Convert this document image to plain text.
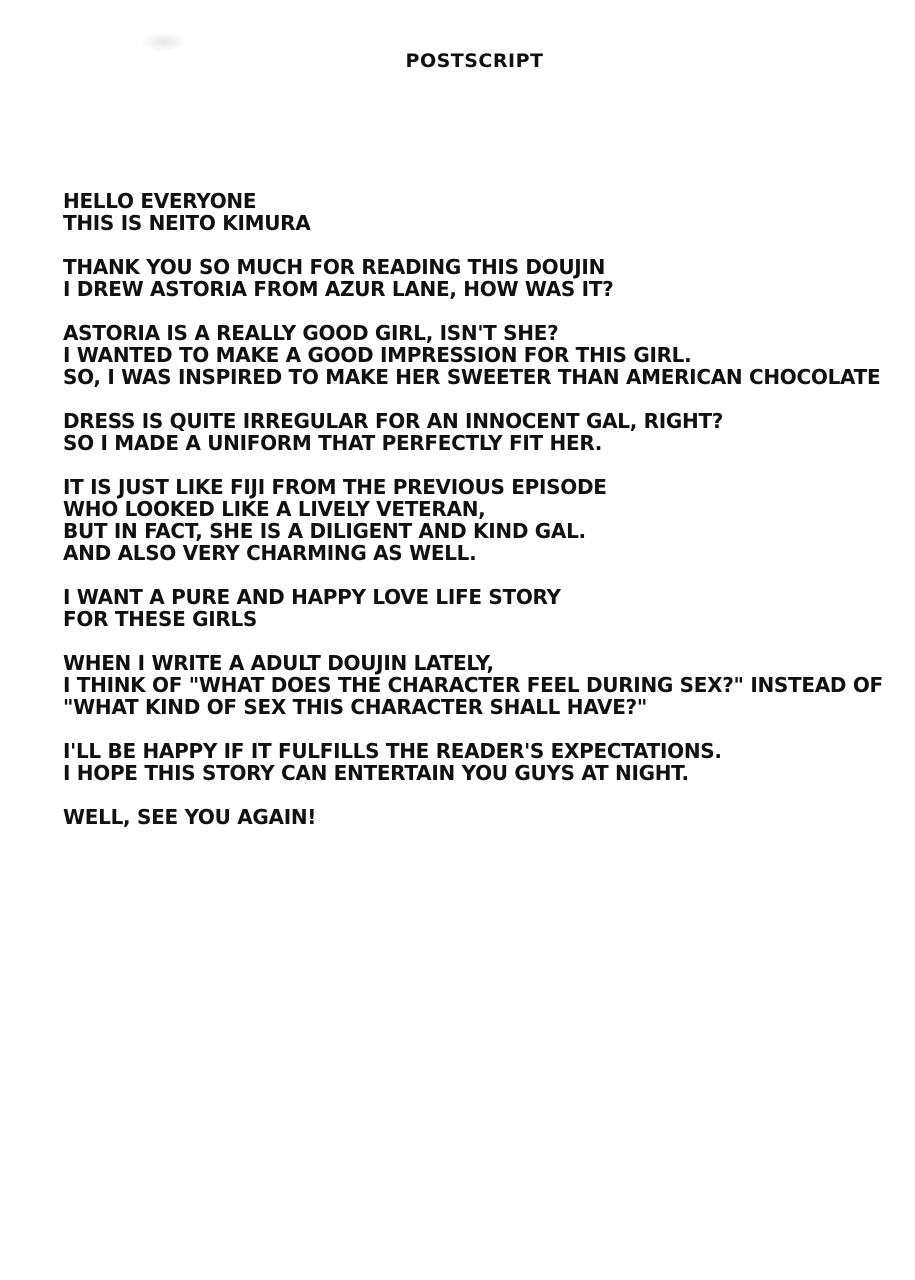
POSTSCRIPT
HELLO EVERYONE
THIS IS NEITO KIMURA
THANK YOU SO MUCH FOR READING THIS DOUJIN
I DREW ASTORIA FROM AZUR LANE, HOW WAS IT?
ASTORIA IS A REALLY GOOD GIRL, ISN'T SHE?
I WANTED TO MAKE A GOOD IMPRESSION FOR THIS GIRL.
SO, I WAS INSPIRED TO MAKE HER SWEETER THAN AMERICAN CHOCOLATE
DRESS IS QUITE IRREGULAR FOR AN INNOCENT GAL, RIGHT?
SO I MADE A UNIFORM THAT PERFECTLY FIT HER.
IT IS JUST LIKE FIJI FROM THE PREVIOUS EPISODE
WHO LOOKED LIKE A LIVELY VETERAN,
BUT IN FACT, SHE IS A DILIGENT AND KIND GAL.
AND ALSO VERY CHARMING AS WELL.
I WANT A PURE AND HAPPY LOVE LIFE STORY
FOR THESE GIRLS
WHEN I WRITE A ADULT DOUJIN LATELY,
I THINK OF "WHAT DOES THE CHARACTER FEEL DURING SEX?" INSTEAD OF
"WHAT KIND OF SEX THIS CHARACTER SHALL HAVE?"
I'LL BE HAPPY IF IT FULFILLS THE READER'S EXPECTATIONS.
I HOPE THIS STORY CAN ENTERTAIN YOU GUYS AT NIGHT.
WELL, SEE YOU AGAIN!
